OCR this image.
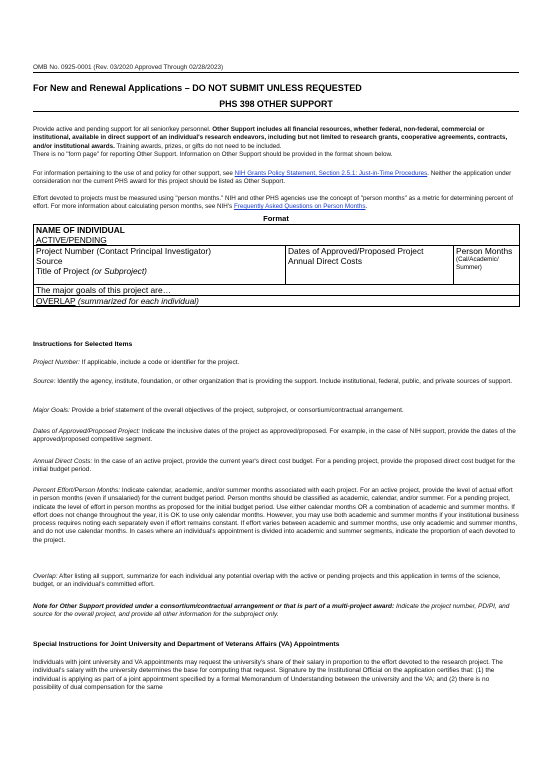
OMB No. 0925-0001 (Rev. 03/2020 Approved Through 02/28/2023)
For New and Renewal Applications – DO NOT SUBMIT UNLESS REQUESTED
PHS 398 OTHER SUPPORT
Provide active and pending support for all senior/key personnel. Other Support includes all financial resources, whether federal, non-federal, commercial or institutional, available in direct support of an individual's research endeavors, including but not limited to research grants, cooperative agreements, contracts, and/or institutional awards. Training awards, prizes, or gifts do not need to be included.
There is no "form page" for reporting Other Support. Information on Other Support should be provided in the format shown below.
For information pertaining to the use of and policy for other support, see NIH Grants Policy Statement, Section 2.5.1: Just-in-Time Procedures. Neither the application under consideration nor the current PHS award for this project should be listed as Other Support.
Effort devoted to projects must be measured using "person months." NIH and other PHS agencies use the concept of "person months" as a metric for determining percent of effort. For more information about calculating person months, see NIH's Frequently Asked Questions on Person Months.
Format
NAME OF INDIVIDUAL
ACTIVE/PENDING

Project Number (Contact Principal Investigator)
Source
Title of Project (or Subproject)

Dates of Approved/Proposed Project
Annual Direct Costs

Person Months
(Cal/Academic/ Summer)

The major goals of this project are…

OVERLAP (summarized for each individual)
Instructions for Selected Items
Project Number: If applicable, include a code or identifier for the project.
Source: Identify the agency, institute, foundation, or other organization that is providing the support. Include institutional, federal, public, and private sources of support.
Major Goals: Provide a brief statement of the overall objectives of the project, subproject, or consortium/contractual arrangement.
Dates of Approved/Proposed Project: Indicate the inclusive dates of the project as approved/proposed. For example, in the case of NIH support, provide the dates of the approved/proposed competitive segment.
Annual Direct Costs: In the case of an active project, provide the current year's direct cost budget. For a pending project, provide the proposed direct cost budget for the initial budget period.
Percent Effort/Person Months: Indicate calendar, academic, and/or summer months associated with each project. For an active project, provide the level of actual effort in person months (even if unsalaried) for the current budget period. Person months should be classified as academic, calendar, and/or summer. For a pending project, indicate the level of effort in person months as proposed for the initial budget period. Use either calendar months OR a combination of academic and summer months. If effort does not change throughout the year, it is OK to use only calendar months. However, you may use both academic and summer months if your institutional business process requires noting each separately even if effort remains constant. If effort varies between academic and summer months, use only academic and summer months, and do not use calendar months. In cases where an individual's appointment is divided into academic and summer segments, indicate the proportion of each devoted to the project.
Overlap: After listing all support, summarize for each individual any potential overlap with the active or pending projects and this application in terms of the science, budget, or an individual's committed effort.
Note for Other Support provided under a consortium/contractual arrangement or that is part of a multi-project award: Indicate the project number, PD/PI, and source for the overall project, and provide all other information for the subproject only.
Special Instructions for Joint University and Department of Veterans Affairs (VA) Appointments
Individuals with joint university and VA appointments may request the university's share of their salary in proportion to the effort devoted to the research project. The individual's salary with the university determines the base for computing that request. Signature by the Institutional Official on the application certifies that: (1) the individual is applying as part of a joint appointment specified by a formal Memorandum of Understanding between the university and the VA; and (2) there is no possibility of dual compensation for the same
